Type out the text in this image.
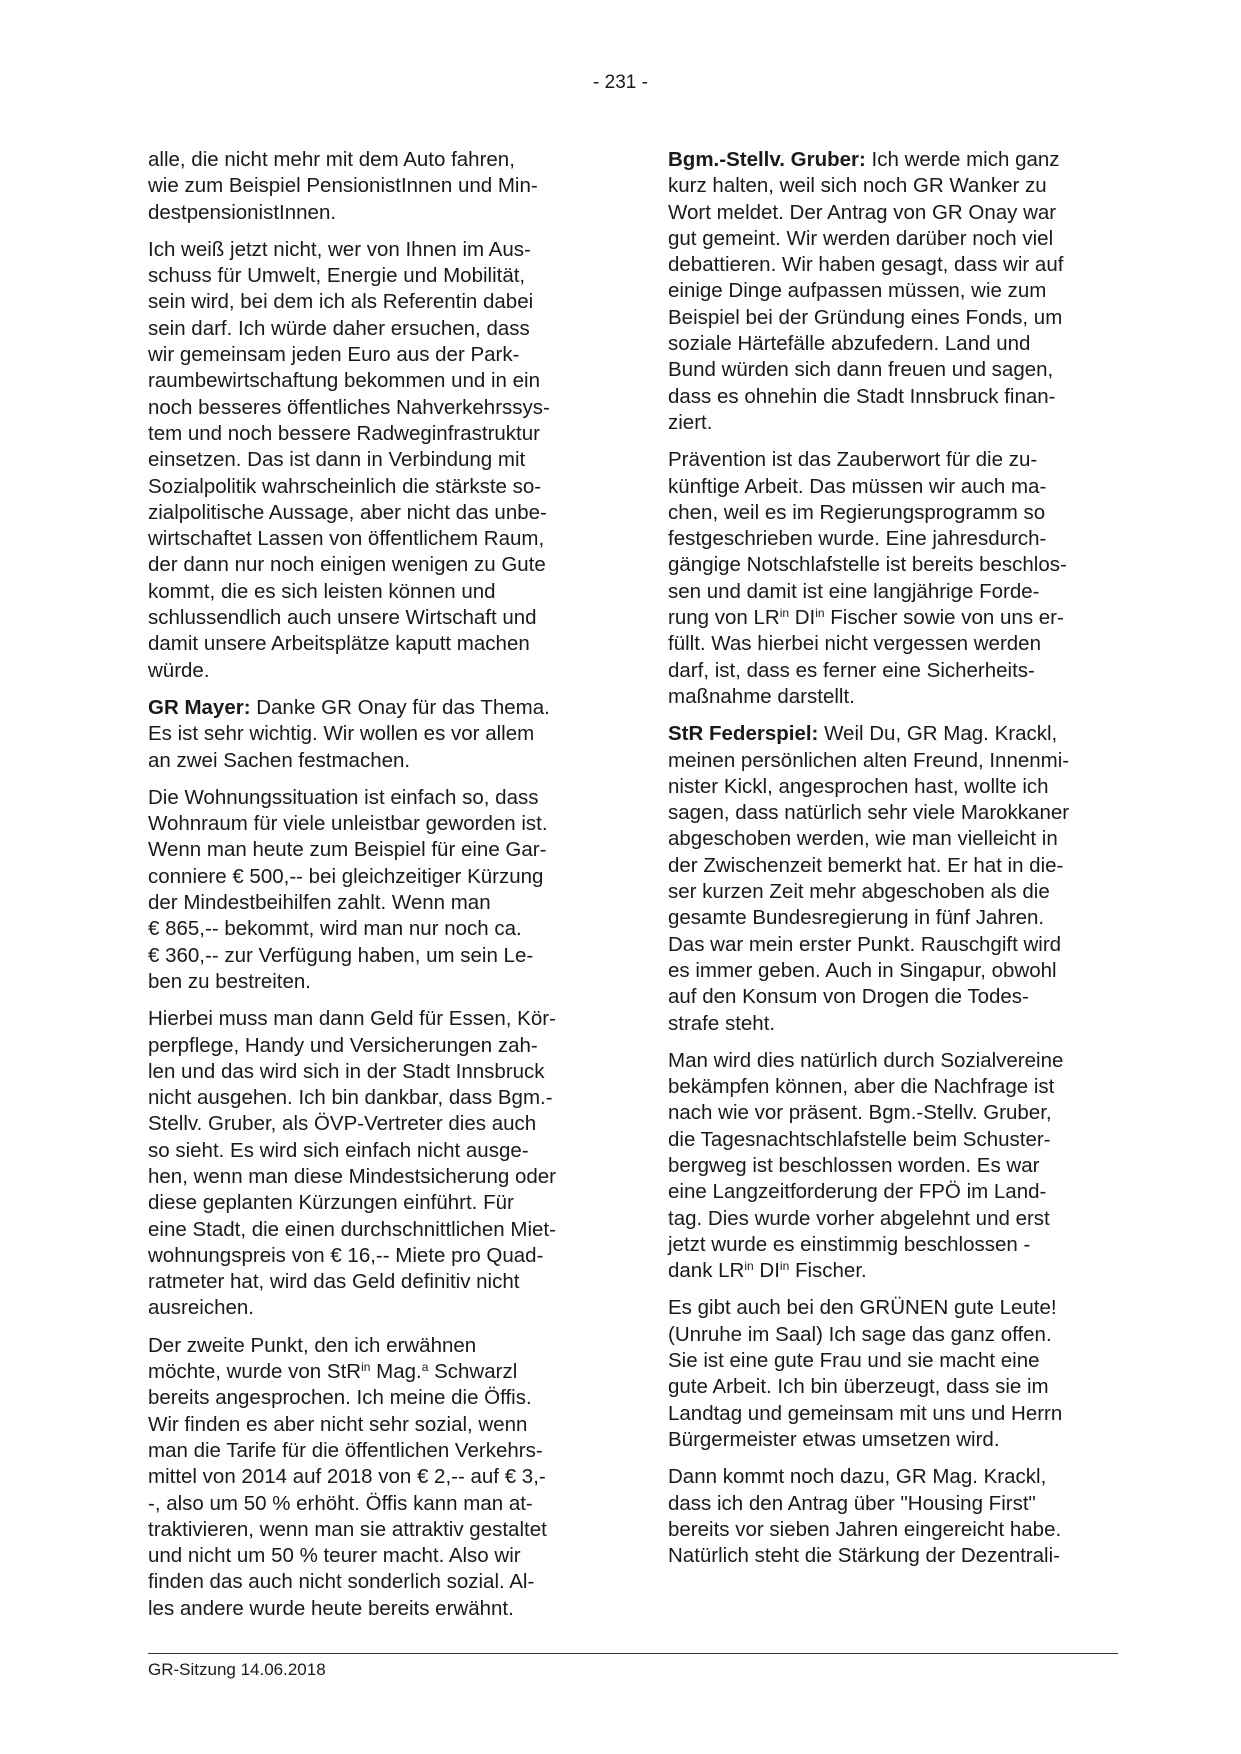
- 231 -
alle, die nicht mehr mit dem Auto fahren,
wie zum Beispiel PensionistInnen und Min-
destpensionistInnen.
Ich weiß jetzt nicht, wer von Ihnen im Aus-
schuss für Umwelt, Energie und Mobilität,
sein wird, bei dem ich als Referentin dabei
sein darf. Ich würde daher ersuchen, dass
wir gemeinsam jeden Euro aus der Park-
raumbewirtschaftung bekommen und in ein
noch besseres öffentliches Nahverkehrssys-
tem und noch bessere Radweginfrastruktur
einsetzen. Das ist dann in Verbindung mit
Sozialpolitik wahrscheinlich die stärkste so-
zialpolitische Aussage, aber nicht das unbe-
wirtschaftet Lassen von öffentlichem Raum,
der dann nur noch einigen wenigen zu Gute
kommt, die es sich leisten können und
schlussendlich auch unsere Wirtschaft und
damit unsere Arbeitsplätze kaputt machen
würde.
GR Mayer: Danke GR Onay für das Thema.
Es ist sehr wichtig. Wir wollen es vor allem
an zwei Sachen festmachen.
Die Wohnungssituation ist einfach so, dass
Wohnraum für viele unleistbar geworden ist.
Wenn man heute zum Beispiel für eine Gar-
conniere € 500,-- bei gleichzeitiger Kürzung
der Mindestbeihilfen zahlt. Wenn man
€ 865,-- bekommt, wird man nur noch ca.
€ 360,-- zur Verfügung haben, um sein Le-
ben zu bestreiten.
Hierbei muss man dann Geld für Essen, Kör-
perpflege, Handy und Versicherungen zah-
len und das wird sich in der Stadt Innsbruck
nicht ausgehen. Ich bin dankbar, dass Bgm.-
Stellv. Gruber, als ÖVP-Vertreter dies auch
so sieht. Es wird sich einfach nicht ausge-
hen, wenn man diese Mindestsicherung oder
diese geplanten Kürzungen einführt. Für
eine Stadt, die einen durchschnittlichen Miet-
wohnungspreis von € 16,-- Miete pro Quad-
ratmeter hat, wird das Geld definitiv nicht
ausreichen.
Der zweite Punkt, den ich erwähnen
möchte, wurde von StR$^{in}$ Mag.$^a$ Schwarzl
bereits angesprochen. Ich meine die Öffis.
Wir finden es aber nicht sehr sozial, wenn
man die Tarife für die öffentlichen Verkehrs-
mittel von 2014 auf 2018 von € 2,-- auf € 3,-
-, also um 50 % erhöht. Öffis kann man at-
traktivieren, wenn man sie attraktiv gestaltet
und nicht um 50 % teurer macht. Also wir
finden das auch nicht sonderlich sozial. Al-
les andere wurde heute bereits erwähnt.
Bgm.-Stellv. Gruber: Ich werde mich ganz
kurz halten, weil sich noch GR Wanker zu
Wort meldet. Der Antrag von GR Onay war
gut gemeint. Wir werden darüber noch viel
debattieren. Wir haben gesagt, dass wir auf
einige Dinge aufpassen müssen, wie zum
Beispiel bei der Gründung eines Fonds, um
soziale Härtefälle abzufedern. Land und
Bund würden sich dann freuen und sagen,
dass es ohnehin die Stadt Innsbruck finan-
ziert.
Prävention ist das Zauberwort für die zu-
künftige Arbeit. Das müssen wir auch ma-
chen, weil es im Regierungsprogramm so
festgeschrieben wurde. Eine jahresdurch-
gängige Notschlafstelle ist bereits beschlos-
sen und damit ist eine langjährige Forde-
rung von $LR^{in}$ $DI^{in}$ Fischer sowie von uns er-
füllt. Was hierbei nicht vergessen werden
darf, ist, dass es ferner eine Sicherheits-
maßnahme darstellt.
StR Federspiel: Weil Du, GR Mag. Krackl,
meinen persönlichen alten Freund, Innenmi-
nister Kickl, angesprochen hast, wollte ich
sagen, dass natürlich sehr viele Marokkaner
abgeschoben werden, wie man vielleicht in
der Zwischenzeit bemerkt hat. Er hat in die-
ser kurzen Zeit mehr abgeschoben als die
gesamte Bundesregierung in fünf Jahren.
Das war mein erster Punkt. Rauschgift wird
es immer geben. Auch in Singapur, obwohl
auf den Konsum von Drogen die Todes-
strafe steht.
Man wird dies natürlich durch Sozialvereine
bekämpfen können, aber die Nachfrage ist
nach wie vor präsent. Bgm.-Stellv. Gruber,
die Tagesnachtschlafstelle beim Schuster-
bergweg ist beschlossen worden. Es war
eine Langzeitforderung der FPÖ im Land-
tag. Dies wurde vorher abgelehnt und erst
jetzt wurde es einstimmig beschlossen -
dank $LR^{in}$ $DI^{in}$ Fischer.
Es gibt auch bei den GRÜNEN gute Leute!
(Unruhe im Saal) Ich sage das ganz offen.
Sie ist eine gute Frau und sie macht eine
gute Arbeit. Ich bin überzeugt, dass sie im
Landtag und gemeinsam mit uns und Herrn
Bürgermeister etwas umsetzen wird.
Dann kommt noch dazu, GR Mag. Krackl,
dass ich den Antrag über "Housing First"
bereits vor sieben Jahren eingereicht habe.
Natürlich steht die Stärkung der Dezentrali-
GR-Sitzung 14.06.2018
